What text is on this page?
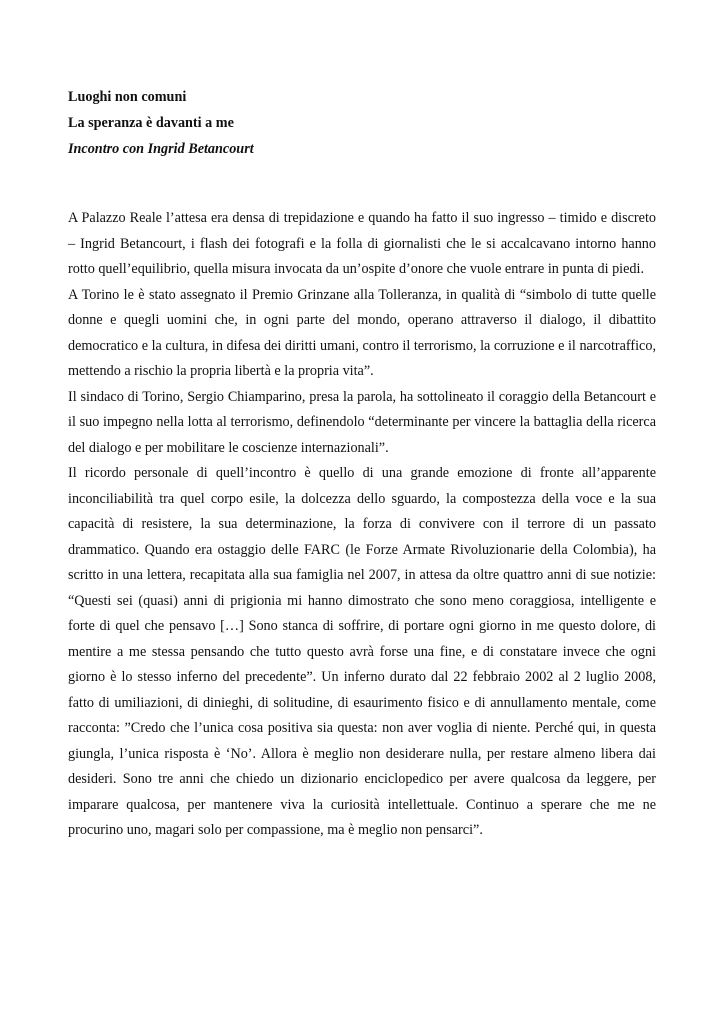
Luoghi non comuni
La speranza è davanti a me
Incontro con Ingrid Betancourt

A Palazzo Reale l’attesa era densa di trepidazione e quando ha fatto il suo ingresso – timido e discreto – Ingrid Betancourt, i flash dei fotografi e la folla di giornalisti che le si accalcavano intorno hanno rotto quell’equilibrio, quella misura invocata da un’ospite d’onore che vuole entrare in punta di piedi.

A Torino le è stato assegnato il Premio Grinzane alla Tolleranza, in qualità di “simbolo di tutte quelle donne e quegli uomini che, in ogni parte del mondo, operano attraverso il dialogo, il dibattito democratico e la cultura, in difesa dei diritti umani, contro il terrorismo, la corruzione e il narcotraffico, mettendo a rischio la propria libertà e la propria vita”.

Il sindaco di Torino, Sergio Chiamparino, presa la parola, ha sottolineato il coraggio della Betancourt e il suo impegno nella lotta al terrorismo, definendolo “determinante per vincere la battaglia della ricerca del dialogo e per mobilitare le coscienze internazionali”.

Il ricordo personale di quell’incontro è quello di una grande emozione di fronte all’apparente inconciliabilità tra quel corpo esile, la dolcezza dello sguardo, la compostezza della voce e la sua capacità di resistere, la sua determinazione, la forza di convivere con il terrore di un passato drammatico. Quando era ostaggio delle FARC (le Forze Armate Rivoluzionarie della Colombia), ha scritto in una lettera, recapitata alla sua famiglia nel 2007, in attesa da oltre quattro anni di sue notizie: “Questi sei (quasi) anni di prigionia mi hanno dimostrato che sono meno coraggiosa, intelligente e forte di quel che pensavo […] Sono stanca di soffrire, di portare ogni giorno in me questo dolore, di mentire a me stessa pensando che tutto questo avrà forse una fine, e di constatare invece che ogni giorno è lo stesso inferno del precedente”. Un inferno durato dal 22 febbraio 2002 al 2 luglio 2008, fatto di umiliazioni, di dinieghi, di solitudine, di esaurimento fisico e di annullamento mentale, come racconta: ”Credo che l’unica cosa positiva sia questa: non aver voglia di niente. Perché qui, in questa giungla, l’unica risposta è ‘No’. Allora è meglio non desiderare nulla, per restare almeno libera dai desideri. Sono tre anni che chiedo un dizionario enciclopedico per avere qualcosa da leggere, per imparare qualcosa, per mantenere viva la curiosità intellettuale. Continuo a sperare che me ne procurino uno, magari solo per compassione, ma è meglio non pensarci”.
